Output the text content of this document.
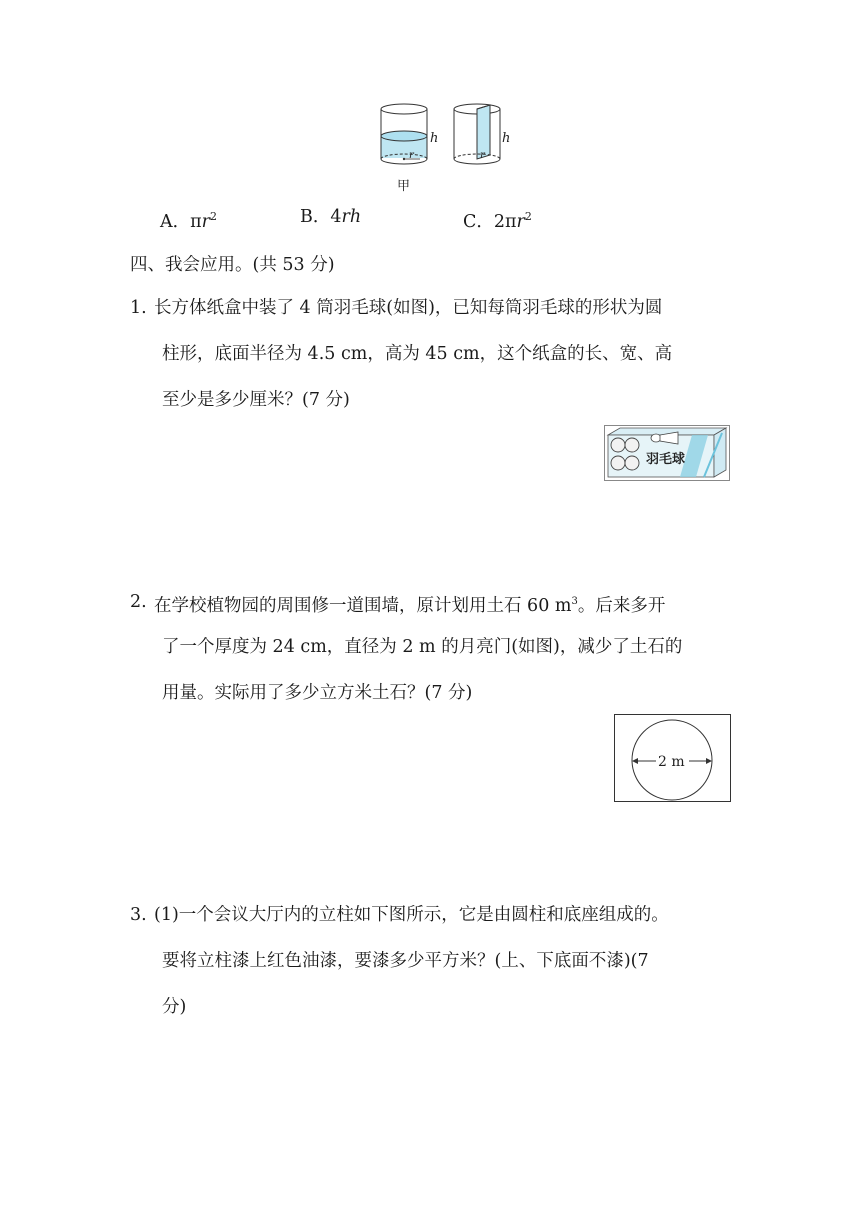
h
r
h
r
甲
A．$\pi r^2$	B．4rh	C．$2\pi r^2$
四、我会应用。(共 53 分)
1. 长方体纸盒中装了 4 筒羽毛球(如图)，已知每筒羽毛球的形状为圆
柱形，底面半径为 4.5 cm，高为 45 cm，这个纸盒的长、宽、高
至少是多少厘米？(7 分)
羽毛球
2. 在学校植物园的周围修一道围墙，原计划用土石 60 $m^3$。后来多开
了一个厚度为 24 cm，直径为 2 m 的月亮门(如图)，减少了土石的
用量。实际用了多少立方米土石？(7 分)
2 m
3. (1)一个会议大厅内的立柱如下图所示，它是由圆柱和底座组成的。
要将立柱漆上红色油漆，要漆多少平方米？(上、下底面不漆)(7
分)
